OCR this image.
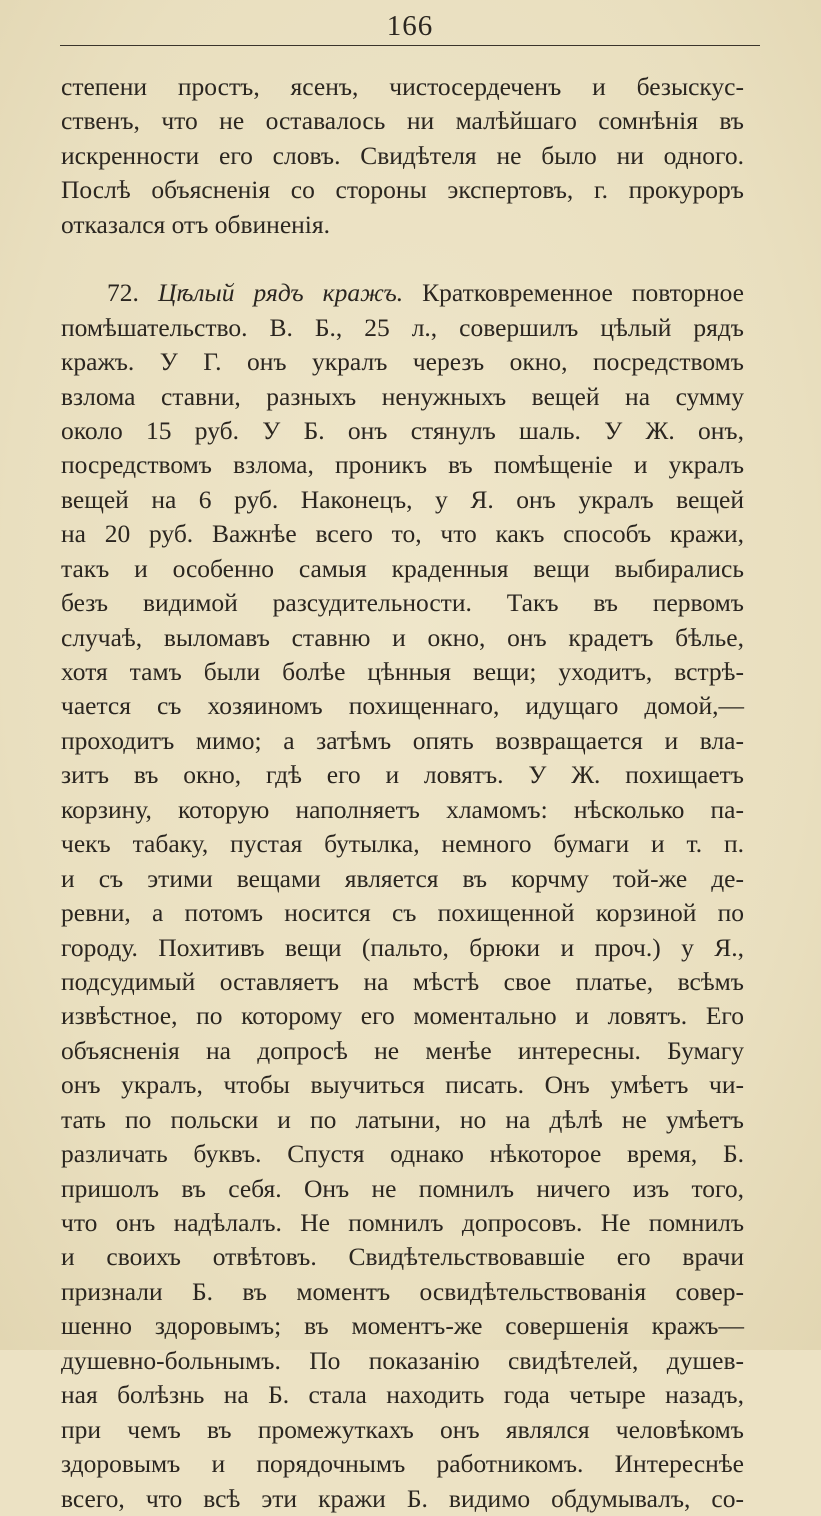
166
степени простъ, ясенъ, чистосердеченъ и безыскус-
ственъ, что не оставалось ни малѣйшаго сомнѣнія въ
искренности его словъ. Свидѣтеля не было ни одного.
Послѣ объясненія со стороны экспертовъ, г. прокуроръ
отказался отъ обвиненія.
72. Цѣлый рядъ кражъ. Кратковременное повторное
помѣшательство. В. Б., 25 л., совершилъ цѣлый рядъ
кражъ. У Г. онъ укралъ черезъ окно, посредствомъ
взлома ставни, разныхъ ненужныхъ вещей на сумму
около 15 руб. У Б. онъ стянулъ шаль. У Ж. онъ,
посредствомъ взлома, проникъ въ помѣщеніе и укралъ
вещей на 6 руб. Наконецъ, у Я. онъ укралъ вещей
на 20 руб. Важнѣе всего то, что какъ способъ кражи,
такъ и особенно самыя краденныя вещи выбирались
безъ видимой разсудительности. Такъ въ первомъ
случаѣ, выломавъ ставню и окно, онъ крадетъ бѣлье,
хотя тамъ были болѣе цѣнныя вещи; уходитъ, встрѣ-
чается съ хозяиномъ похищеннаго, идущаго домой,—
проходитъ мимо; а затѣмъ опять возвращается и вла-
зитъ въ окно, гдѣ его и ловятъ. У Ж. похищаетъ
корзину, которую наполняетъ хламомъ: нѣсколько па-
чекъ табаку, пустая бутылка, немного бумаги и т. п.
и съ этими вещами является въ корчму той-же де-
ревни, а потомъ носится съ похищенной корзиной по
городу. Похитивъ вещи (пальто, брюки и проч.) у Я.,
подсудимый оставляетъ на мѣстѣ свое платье, всѣмъ
извѣстное, по которому его моментально и ловятъ. Его
объясненія на допросѣ не менѣе интересны. Бумагу
онъ укралъ, чтобы выучиться писать. Онъ умѣетъ чи-
тать по польски и по латыни, но на дѣлѣ не умѣетъ
различать буквъ. Спустя однако нѣкоторое время, Б.
пришолъ въ себя. Онъ не помнилъ ничего изъ того,
что онъ надѣлалъ. Не помнилъ допросовъ. Не помнилъ
и своихъ отвѣтовъ. Свидѣтельствовавшіе его врачи
признали Б. въ моментъ освидѣтельствованія совер-
шенно здоровымъ; въ моментъ-же совершенія кражъ—
душевно-больнымъ. По показанію свидѣтелей, душев-
ная болѣзнь на Б. стала находить года четыре назадъ,
при чемъ въ промежуткахъ онъ являлся человѣкомъ
здоровымъ и порядочнымъ работникомъ. Интереснѣе
всего, что всѣ эти кражи Б. видимо обдумывалъ, со-
